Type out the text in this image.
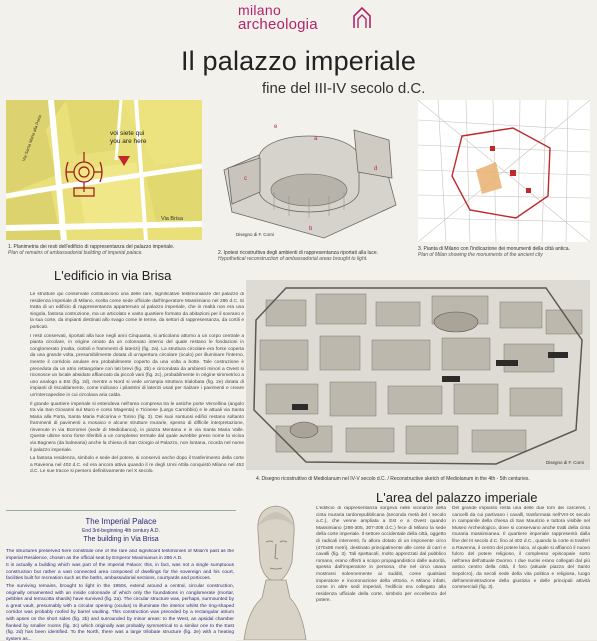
milano
archeologia
Il palazzo imperiale
fine del III-IV secolo d.C.
voi siete qui
you are here
Via Brisa
Via Santa Maria alla Porta
1. Planimetria dei resti dell'edificio di rappresentanza del palazzo imperiale.
Plan of remains of ambassadorial building of imperial palace.
e
a
c
d
b
Disegno di F. Corni
2. Ipotesi ricostruttiva degli ambienti di rappresentanza riportati alla luce.
Hypothetical reconstruction of ambassadorial areas brought to light.
3. Pianta di Milano con l'indicazione dei monumenti della città antica.
Plan of Milan showing the monuments of the ancient city
L'edificio in via Brisa

Le strutture qui conservate costituiscono una delle rare, significative testimonianze del palazzo di residenza imperiale di Milano, scelta come sede ufficiale dall'imperatore Massimiano nel 286 d.C. Si tratta di un edificio di rappresentanza appartenuto al palazzo imperiale, che in realtà non era una singola, fastosa costruzione, ma un articolato e vasto quartiere formato da abitazioni per il sovrano e la sua corte, da impianti destinati allo svago come le terme, da settori di rappresentanza, da cortili e porticati.

I resti conservati, riportati alla luce negli anni Cinquanta, si articolano attorno a un corpo centrale a pianta circolare, in origine ornato da un colonnato interno del quale restano le fondazioni in conglomerato (malta, ciottoli e frammenti di laterizi) (fig. 2a). La struttura circolare era forse coperta da una grande volta, presumibilmente dotata di un'apertura circolare (oculo) per illuminare l'interno, mentre il corridoio anulare era probabilmente coperto da una volta a botte. Tale costruzione è preceduta da un atrio rettangolare con lati brevi (fig. 2b) e circondata da ambienti minori a Ovest si riconosce un locale absidato affiancato da piccoli vani (fig. 2c), probabilmente in origine simmetrico a uno analogo a Est (fig. 2d), mentre a Nord si vede un'ampia struttura trialobata (fig. 2e) dotata di impianti di riscaldamento, come indicano i pilastrini di laterizi usati per rialzare i pavimenti e creare un'intercapedine in cui circolava aria calda.

Il grande quartiere imperiale si estendeva nell'area compresa tra le antiche porte Vercellina (angolo tra via San Giovanni sul Muro e corso Magenta) e Ticinese (Largo Carrobbio) e le attuali via Santa Maria alla Porta, Santa Maria Fulcorina e Torino (fig. 3). Dei suoi sontuosi edifici restano soltanto frammenti di pavimenti a mosaico e alcune strutture murarie, spesso di difficile interpretazione, rinvenute in via Borromei (sede di Mediobanca), in piazza Mentana e in via Santa Maria Valle. Queste ultime sono forse riferibili a un complesso termale dal quale avrebbe preso nome la vicina via Bagnera (da balnearia) anche la chiesa di San Giorgio al Palazzo, non lontana, ricorda nel nome il palazzo imperiale.

La fastosa residenza, simbolo e sede del potere, si conservò anche dopo il trasferimento della corte a Ravenna nel 402 d.C. ed era ancora attiva quando il re degli Unni Attila conquistò Milano nel 452 d.C. Le sue tracce si persero definitivamente nel X secolo.

Disegno di F. Corni
4. Disegno ricostruttivo di Mediolanum nel IV-V secolo d.C. / Reconstructive sketch of Mediolanum in the 4th - 5th centuries.
L'area del palazzo imperiale
L'edificio di rappresentanza sorgeva nelle vicinanze della cinta muraria tardorepubblicana (seconda metà del I secolo a.C.), che venne ampliata a Est e a Ovest quando Massimiano (286-305, 307-308 d.C.) fece di Milano la sede della corte imperiale. Il settore occidentale della città, oggetto di radicali interventi, fu allora dotato di un imponente circo (470x86 metri), destinato principalmente alle corse di carri e cavalli (fig. 3). Tali spettacoli, molto apprezzati dal pubblico romano, erano offerti a scopo propagandistico dalle autorità, spesso dall'imperatore in persona, che nel circo usava mostrarsi solennemente ai sudditi, come qualsiasi imperatore e incoronazione della vittoria. A Milano infatti, come in altre sedi imperiali, l'edificio era collegato alla residenza ufficiale della corte, simbolo per eccellenza del potere.
Del grande impianto resta una delle due torri dei carceres, i cancelli da cui partivano i cavalli, trasformata nell'VIII-IX secolo in campanile della chiesa di San Maurizio e tuttora visibile nel Museo Archeologico, dove si conservano anche tratti della cinta muraria massimianea. Il quartiere imperiale rappresentò dalla fine del III secolo d.C. fino al 402 d.C., quando la corte si trasferì a Ravenna, il centro del potere laico, al quale si affiancò il nuovo fulcro del potere religioso, il complesso episcopale sorto nell'area dell'attuale Duomo. I due nuclei erano collegati dal più antico centro della città, il foro (attuale piazza del Santo Sepolcro), da secoli sede della vita politica e religiosa, luogo dell'amministrazione della giustizia e delle principali attività commerciali (fig. 3).
The Imperial Palace
End 3rd-beginning 4th century A.D.
The building in Via Brisa

The structures preserved here constitute one of the rare and significant testimonies of Milan's past as the imperial Residence, chosen as the official seat by Emperor Maximianus in 286 A.D.

It is actually a building which was part of the imperial Palace; this, in fact, was not a single sumptuous construction but rather a vast connected area composed of dwellings for the sovereign and his court, facilities built for recreation such as the baths, ambassadorial sections, courtyards and porticoes.

The surviving remains, brought to light in the 1950s, extend around a central, circular construction, originally ornamented with an inside colonnade of which only the foundations in conglomerate (mortar, pebbles and terracotta shards) have survived (fig. 2a). The circular structure was, perhaps, surmounted by a great vault, presumably with a circular opening (oculus) to illuminate the interior whilst the ring-shaped corridor was probably roofed by barrel vaulting. This construction was preceded by a rectangular atrium with apses on the short sides (fig. 2b) and surrounded by minor areas: to the West, an apsidal chamber flanked by smaller rooms (fig. 2c) which originally was probably symmetrical to a similar one to the East (fig. 2d) has been identified. To the North, there was a large trilobate structure (fig. 2e) with a heating system as...
